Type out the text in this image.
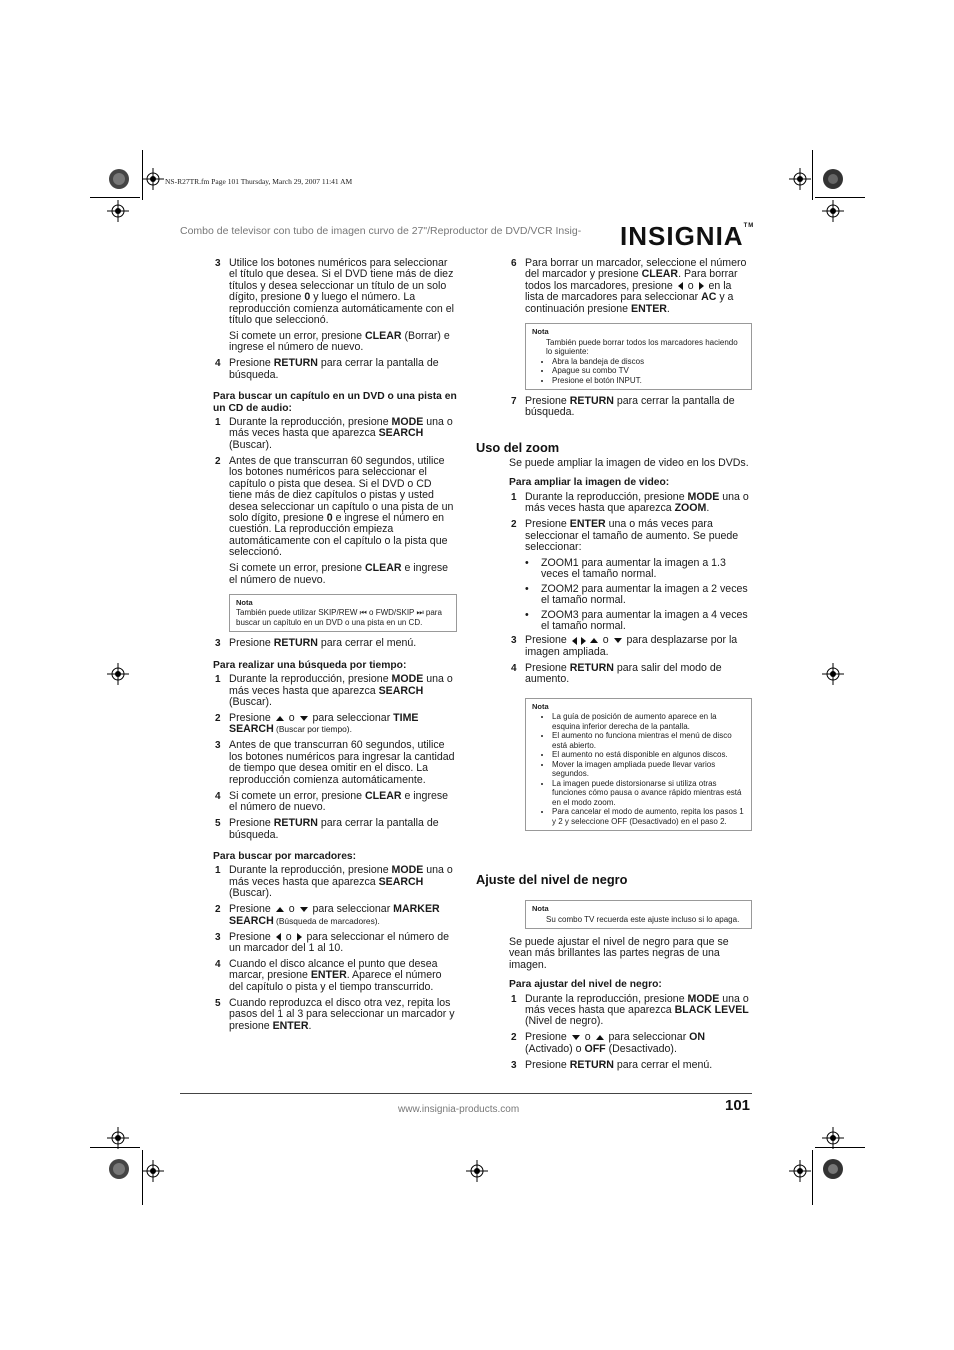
NS-R27TR.fm Page 101 Thursday, March 29, 2007 11:41 AM
Combo de televisor con tubo de imagen curvo de 27"/Reproductor de DVD/VCR Insig- INSIGNIA™
3 Utilice los botones numéricos para seleccionar el título que desea. Si el DVD tiene más de diez títulos y desea seleccionar un título de un solo dígito, presione 0 y luego el número. La reproducción comienza automáticamente con el título que seleccionó.
Si comete un error, presione CLEAR (Borrar) e ingrese el número de nuevo.
4 Presione RETURN para cerrar la pantalla de búsqueda.
Para buscar un capítulo en un DVD o una pista en un CD de audio:
1 Durante la reproducción, presione MODE una o más veces hasta que aparezca SEARCH (Buscar).
2 Antes de que transcurran 60 segundos, utilice los botones numéricos para seleccionar el capítulo o pista que desea. Si el DVD o CD tiene más de diez capítulos o pistas y usted desea seleccionar un capítulo o una pista de un solo dígito, presione 0 e ingrese el número en cuestión. La reproducción empieza automáticamente con el capítulo o la pista que seleccionó.
Si comete un error, presione CLEAR e ingrese el número de nuevo.
Nota
También puede utilizar SKIP/REW ⏮ o FWD/SKIP ⏭ para buscar un capítulo en un DVD o una pista en un CD.
3 Presione RETURN para cerrar el menú.
Para realizar una búsqueda por tiempo:
1 Durante la reproducción, presione MODE una o más veces hasta que aparezca SEARCH (Buscar).
2 Presione  o  para seleccionar TIME SEARCH (Buscar por tiempo).
3 Antes de que transcurran 60 segundos, utilice los botones numéricos para ingresar la cantidad de tiempo que desea omitir en el disco. La reproducción comienza automáticamente.
4 Si comete un error, presione CLEAR e ingrese el número de nuevo.
5 Presione RETURN para cerrar la pantalla de búsqueda.
Para buscar por marcadores:
1 Durante la reproducción, presione MODE una o más veces hasta que aparezca SEARCH (Buscar).
2 Presione  o  para seleccionar MARKER SEARCH (Búsqueda de marcadores).
3 Presione  o  para seleccionar el número de un marcador del 1 al 10.
4 Cuando el disco alcance el punto que desea marcar, presione ENTER. Aparece el número del capítulo o pista y el tiempo transcurrido.
5 Cuando reproduzca el disco otra vez, repita los pasos del 1 al 3 para seleccionar un marcador y presione ENTER.
6 Para borrar un marcador, seleccione el número del marcador y presione CLEAR. Para borrar todos los marcadores, presione  o  en la lista de marcadores para seleccionar AC y a continuación presione ENTER.
Nota
También puede borrar todos los marcadores haciendo lo siguiente:
• Abra la bandeja de discos
• Apague su combo TV
• Presione el botón INPUT.
7 Presione RETURN para cerrar la pantalla de búsqueda.
Uso del zoom

Se puede ampliar la imagen de video en los DVDs.

Para ampliar la imagen de video:
1 Durante la reproducción, presione MODE una o más veces hasta que aparezca ZOOM.
2 Presione ENTER una o más veces para seleccionar el tamaño de aumento. Se puede seleccionar:
•	ZOOM1 para aumentar la imagen a 1.3 veces el tamaño normal.
•	ZOOM2 para aumentar la imagen a 2 veces el tamaño normal.
•	ZOOM3 para aumentar la imagen a 4 veces el tamaño normal.
3 Presione	o  para desplazarse por la imagen ampliada.
4 Presione RETURN para salir del modo de aumento.
Nota
• La guía de posición de aumento aparece en la esquina inferior derecha de la pantalla.
• El aumento no funciona mientras el menú de disco está abierto.
• El aumento no está disponible en algunos discos.
• Mover la imagen ampliada puede llevar varios segundos.
• La imagen puede distorsionarse si utiliza otras funciones cómo pausa o avance rápido mientras está en el modo zoom.
• Para cancelar el modo de aumento, repita los pasos 1 y 2 y seleccione OFF (Desactivado) en el paso 2.
Ajuste del nivel de negro
Nota
Su combo TV recuerda este ajuste incluso si lo apaga.

Se puede ajustar el nivel de negro para que se vean más brillantes las partes negras de una imagen.

Para ajustar del nivel de negro:
1 Durante la reproducción, presione MODE una o más veces hasta que aparezca BLACK LEVEL (Nivel de negro).
2 Presione  o  para seleccionar ON (Activado) o OFF (Desactivado).
3 Presione RETURN para cerrar el menú.
www.insignia-products.com	101
